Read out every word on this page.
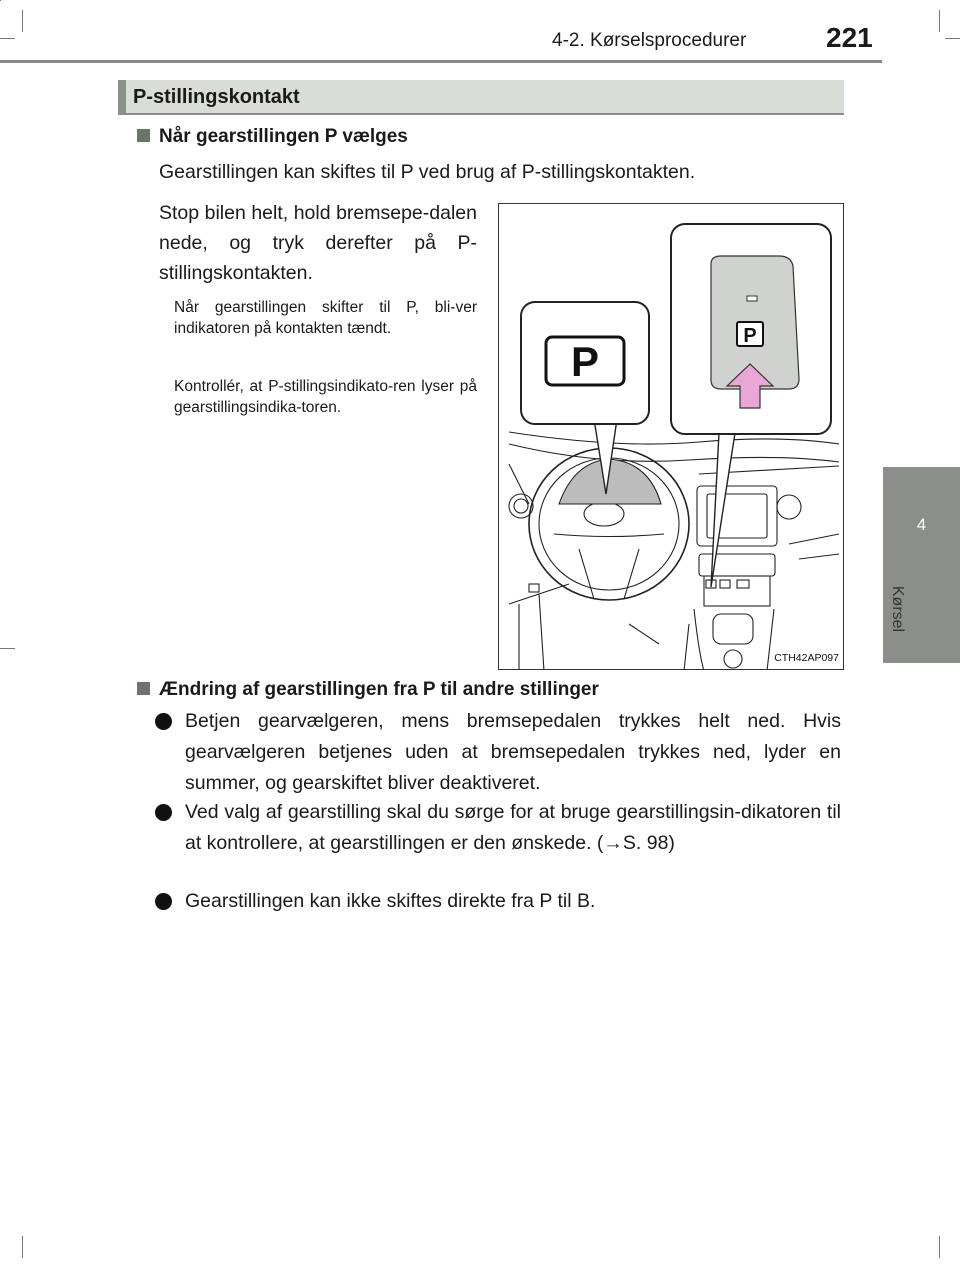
4-2. Kørselsprocedurer	221
4
Kørsel
P-stillingskontakt
Når gearstillingen P vælges
Gearstillingen kan skiftes til P ved brug af P-stillingskontakten.
Stop bilen helt, hold bremsepe-dalen nede, og tryk derefter på P-stillingskontakten.
Når gearstillingen skifter til P, bli-ver indikatoren på kontakten tændt.
Kontrollér, at P-stillingsindikato-ren lyser på gearstillingsindika-toren.
P
P
CTH42AP097
Ændring af gearstillingen fra P til andre stillinger
Betjen gearvælgeren, mens bremsepedalen trykkes helt ned. Hvis gearvælgeren betjenes uden at bremsepedalen trykkes ned, lyder en summer, og gearskiftet bliver deaktiveret.
Ved valg af gearstilling skal du sørge for at bruge gearstillingsin-dikatoren til at kontrollere, at gearstillingen er den ønskede. (→S. 98)
Gearstillingen kan ikke skiftes direkte fra P til B.
